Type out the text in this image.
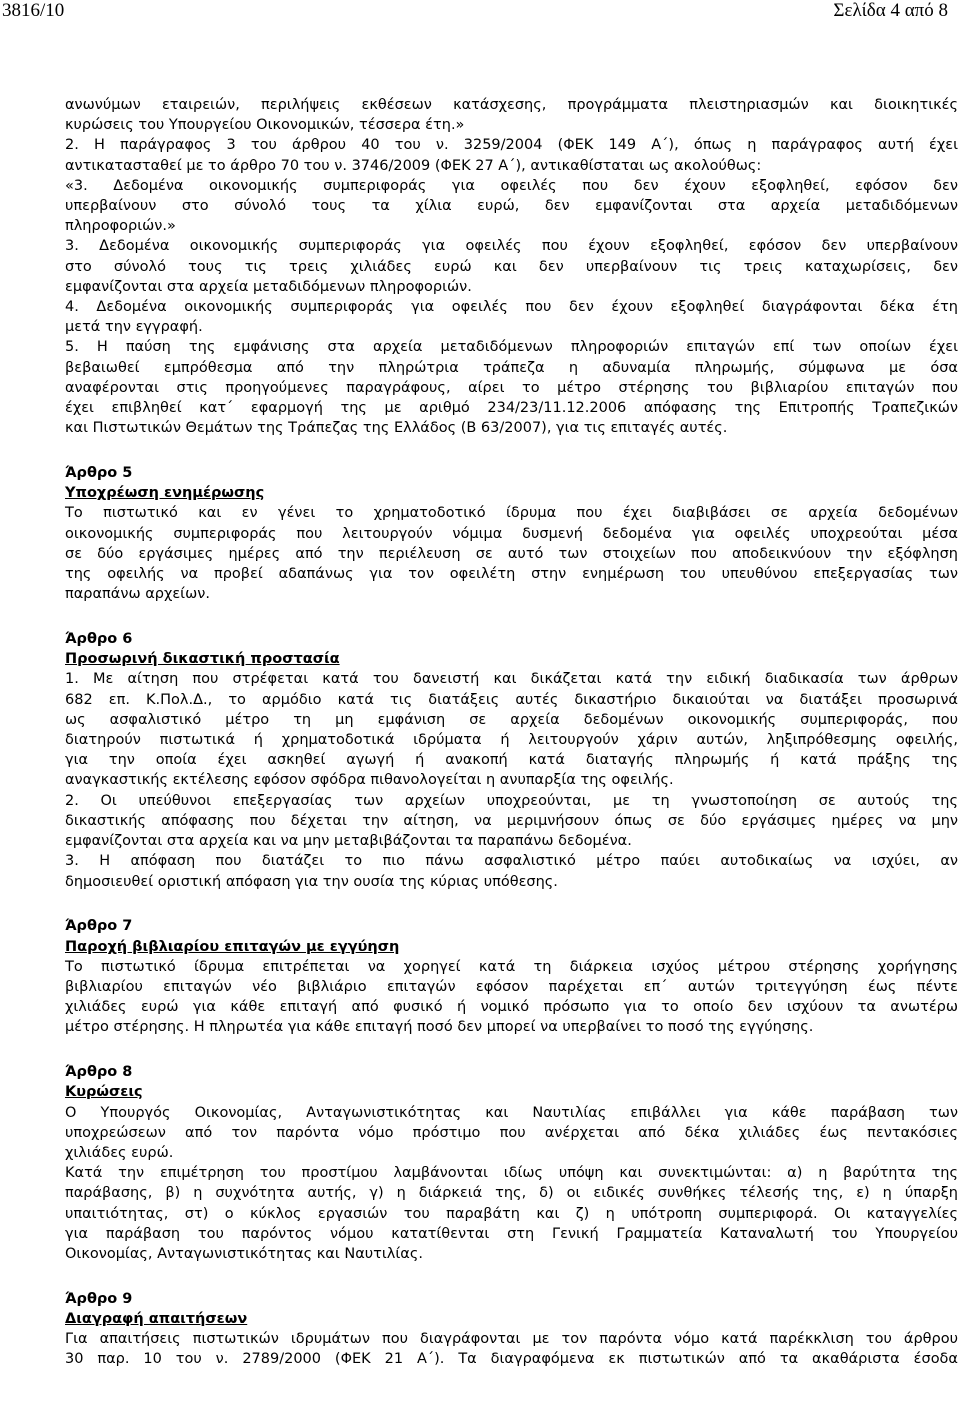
3816/10	Σελίδα 4 από 8
ανωνύμων εταιρειών, περιλήψεις εκθέσεων κατάσχεσης, προγράμματα πλειστηριασμών και διοικητικές
κυρώσεις του Υπουργείου Οικονομικών, τέσσερα έτη.»
2. Η παράγραφος 3 του άρθρου 40 του ν. 3259/2004 (ΦΕΚ 149 Α΄), όπως η παράγραφος αυτή έχει
αντικατασταθεί με το άρθρο 70 του ν. 3746/2009 (ΦΕΚ 27 Α΄), αντικαθίσταται ως ακολούθως:
«3. Δεδομένα οικονομικής συμπεριφοράς για οφειλές που δεν έχουν εξοφληθεί, εφόσον δεν
υπερβαίνουν στο σύνολό τους τα χίλια ευρώ, δεν εμφανίζονται στα αρχεία μεταδιδόμενων
πληροφοριών.»
3. Δεδομένα οικονομικής συμπεριφοράς για οφειλές που έχουν εξοφληθεί, εφόσον δεν υπερβαίνουν
στο σύνολό τους τις τρεις χιλιάδες ευρώ και δεν υπερβαίνουν τις τρεις καταχωρίσεις, δεν
εμφανίζονται στα αρχεία μεταδιδόμενων πληροφοριών.
4. Δεδομένα οικονομικής συμπεριφοράς για οφειλές που δεν έχουν εξοφληθεί διαγράφονται δέκα έτη
μετά την εγγραφή.
5. Η παύση της εμφάνισης στα αρχεία μεταδιδόμενων πληροφοριών επιταγών επί των οποίων έχει
βεβαιωθεί εμπρόθεσμα από την πληρώτρια τράπεζα η αδυναμία πληρωμής, σύμφωνα με όσα
αναφέρονται στις προηγούμενες παραγράφους, αίρει το μέτρο στέρησης του βιβλιαρίου επιταγών που
έχει επιβληθεί κατ΄ εφαρμογή της με αριθμό 234/23/11.12.2006 απόφασης της Επιτροπής Τραπεζικών
και Πιστωτικών Θεμάτων της Τράπεζας της Ελλάδος (Β 63/2007), για τις επιταγές αυτές.
Άρθρο 5
Υποχρέωση ενημέρωσης
Το πιστωτικό και εν γένει το χρηματοδοτικό ίδρυμα που έχει διαβιβάσει σε αρχεία δεδομένων
οικονομικής συμπεριφοράς που λειτουργούν νόμιμα δυσμενή δεδομένα για οφειλές υποχρεούται μέσα
σε δύο εργάσιμες ημέρες από την περιέλευση σε αυτό των στοιχείων που αποδεικνύουν την εξόφληση
της οφειλής να προβεί αδαπάνως για τον οφειλέτη στην ενημέρωση του υπευθύνου επεξεργασίας των
παραπάνω αρχείων.
Άρθρο 6
Προσωρινή δικαστική προστασία
1. Με αίτηση που στρέφεται κατά του δανειστή και δικάζεται κατά την ειδική διαδικασία των άρθρων
682 επ. Κ.Πολ.Δ., το αρμόδιο κατά τις διατάξεις αυτές δικαστήριο δικαιούται να διατάξει προσωρινά
ως ασφαλιστικό μέτρο τη μη εμφάνιση σε αρχεία δεδομένων οικονομικής συμπεριφοράς, που
διατηρούν πιστωτικά ή χρηματοδοτικά ιδρύματα ή λειτουργούν χάριν αυτών, ληξιπρόθεσμης οφειλής,
για την οποία έχει ασκηθεί αγωγή ή ανακοπή κατά διαταγής πληρωμής ή κατά πράξης της
αναγκαστικής εκτέλεσης εφόσον σφόδρα πιθανολογείται η ανυπαρξία της οφειλής.
2. Οι υπεύθυνοι επεξεργασίας των αρχείων υποχρεούνται, με τη γνωστοποίηση σε αυτούς της
δικαστικής απόφασης που δέχεται την αίτηση, να μεριμνήσουν όπως σε δύο εργάσιμες ημέρες να μην
εμφανίζονται στα αρχεία και να μην μεταβιβάζονται τα παραπάνω δεδομένα.
3. Η απόφαση που διατάζει το πιο πάνω ασφαλιστικό μέτρο παύει αυτοδικαίως να ισχύει, αν
δημοσιευθεί οριστική απόφαση για την ουσία της κύριας υπόθεσης.
Άρθρο 7
Παροχή βιβλιαρίου επιταγών με εγγύηση
Το πιστωτικό ίδρυμα επιτρέπεται να χορηγεί κατά τη διάρκεια ισχύος μέτρου στέρησης χορήγησης
βιβλιαρίου επιταγών νέο βιβλιάριο επιταγών εφόσον παρέχεται επ΄ αυτών τριτεγγύηση έως πέντε
χιλιάδες ευρώ για κάθε επιταγή από φυσικό ή νομικό πρόσωπο για το οποίο δεν ισχύουν τα ανωτέρω
μέτρο στέρησης. Η πληρωτέα για κάθε επιταγή ποσό δεν μπορεί να υπερβαίνει το ποσό της εγγύησης.
Άρθρο 8
Κυρώσεις
Ο Υπουργός Οικονομίας, Ανταγωνιστικότητας και Ναυτιλίας επιβάλλει για κάθε παράβαση των
υποχρεώσεων από τον παρόντα νόμο πρόστιμο που ανέρχεται από δέκα χιλιάδες έως πεντακόσιες
χιλιάδες ευρώ.
Κατά την επιμέτρηση του προστίμου λαμβάνονται ιδίως υπόψη και συνεκτιμώνται: α) η βαρύτητα της
παράβασης, β) η συχνότητα αυτής, γ) η διάρκειά της, δ) οι ειδικές συνθήκες τέλεσής της, ε) η ύπαρξη
υπαιτιότητας, στ) ο κύκλος εργασιών του παραβάτη και ζ) η υπότροπη συμπεριφορά. Οι καταγγελίες
για παράβαση του παρόντος νόμου κατατίθενται στη Γενική Γραμματεία Καταναλωτή του Υπουργείου
Οικονομίας, Ανταγωνιστικότητας και Ναυτιλίας.
Άρθρο 9
Διαγραφή απαιτήσεων
Για απαιτήσεις πιστωτικών ιδρυμάτων που διαγράφονται με τον παρόντα νόμο κατά παρέκκλιση του άρθρου
30 παρ. 10 του ν. 2789/2000 (ΦΕΚ 21 Α΄). Τα διαγραφόμενα εκ πιστωτικών από τα ακαθάριστα έσοδα
